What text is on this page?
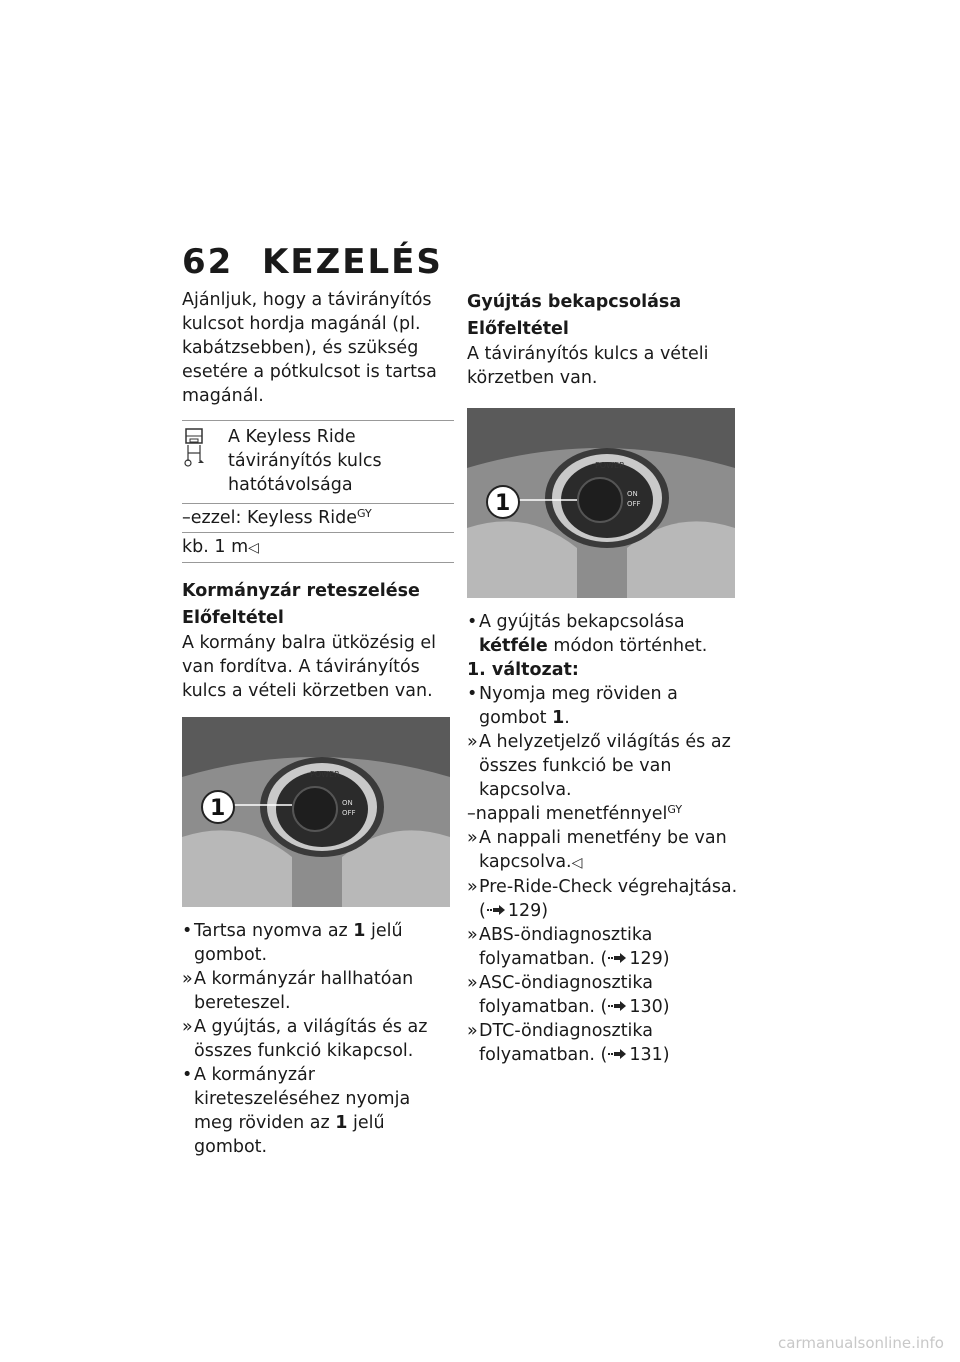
62 KEZELÉS

Ajánljuk, hogy a távirányítós kulcsot hordja magánál (pl. kabátzsebben), és szükség esetére a pótkulcsot is tartsa magánál.

A Keyless Ride távirányítós kulcs hatótávolsága
–ezzel: Keyless Ride$^{GY}$
kb. 1 m◁

Kormányzár reteszelése

Előfeltétel

A kormány balra ütközésig el van fordítva. A távirányítós kulcs a vételi körzetben van.

POWER
ON
OFF
1
• Tartsa nyomva az 1 jelű gombot.
» A kormányzár hallhatóan bereteszel.
» A gyújtás, a világítás és az összes funkció kikapcsol.
• A kormányzár kireteszeléséhez nyomja meg röviden az 1 jelű gombot.

Gyújtás bekapcsolása

Előfeltétel

A távirányítós kulcs a vételi körzetben van.

POWER
ON
OFF
1
• A gyújtás bekapcsolása kétféle módon történhet.
1. változat:
• Nyomja meg röviden a gombot 1.
» A helyzetjelző világítás és az összes funkció be van kapcsolva.
–nappali menetfénnyel$^{GY}$
» A nappali menetfény be van kapcsolva.◁
» Pre-Ride-Check végrehajtása.
( 129)
» ABS-öndiagnosztika folyamatban. ( 129)
» ASC-öndiagnosztika folyamatban. ( 130)
» DTC-öndiagnosztika folyamatban. ( 131)
carmanualsonline.info
